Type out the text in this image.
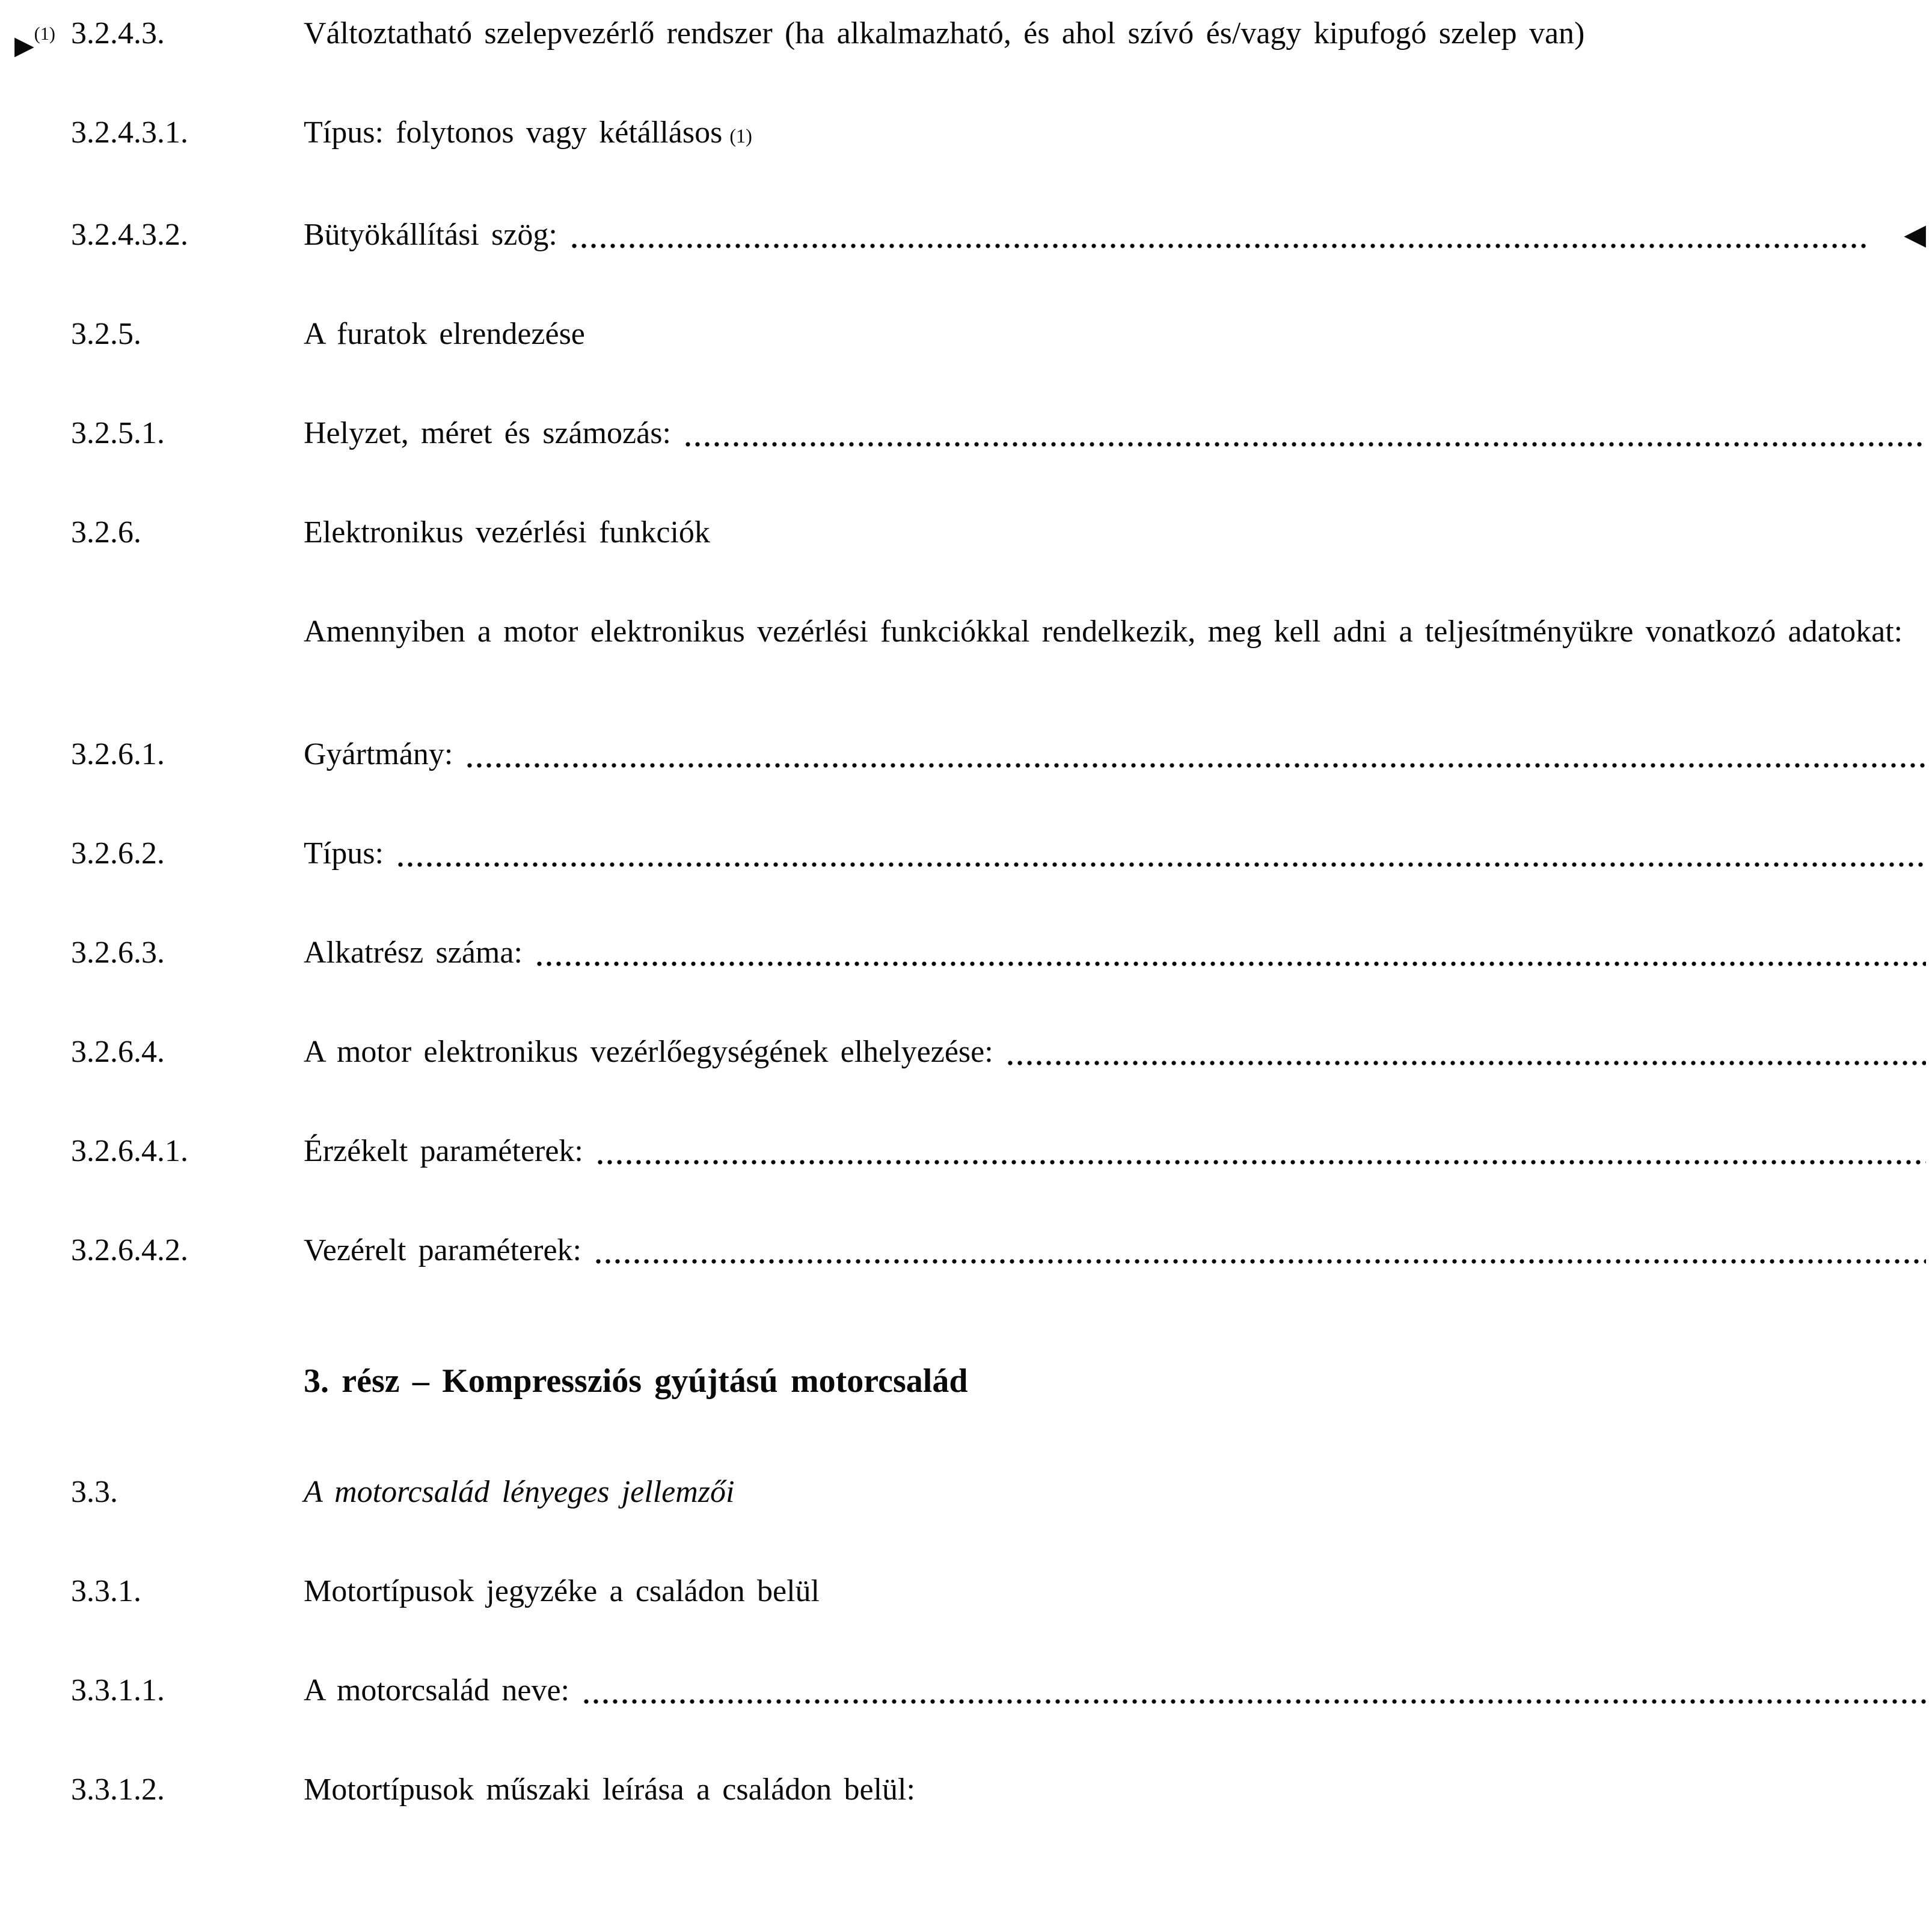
▶$^{(1)}$ 3.2.4.3.	Változtatható szelepvezérlő rendszer (ha alkalmazható, és ahol szívó és/vagy kipufogó szelep van)
3.2.4.3.1.	Típus: folytonos vagy kétállásos (1)
3.2.4.3.2.	Bütyökállítási szög:	◀
3.2.5.	A furatok elrendezése
3.2.5.1.	Helyzet, méret és számozás:
3.2.6.	Elektronikus vezérlési funkciók
Amennyiben a motor elektronikus vezérlési funkciókkal rendelkezik, meg kell adni a teljesítményükre vonatkozó adatokat:
3.2.6.1.	Gyártmány:
3.2.6.2.	Típus:
3.2.6.3.	Alkatrész száma:
3.2.6.4.	A motor elektronikus vezérlőegységének elhelyezése:
3.2.6.4.1.	Érzékelt paraméterek:
3.2.6.4.2.	Vezérelt paraméterek:
3. rész – Kompressziós gyújtású motorcsalád
3.3.	A motorcsalád lényeges jellemzői
3.3.1.	Motortípusok jegyzéke a családon belül
3.3.1.1.	A motorcsalád neve:
3.3.1.2.	Motortípusok műszaki leírása a családon belül:
